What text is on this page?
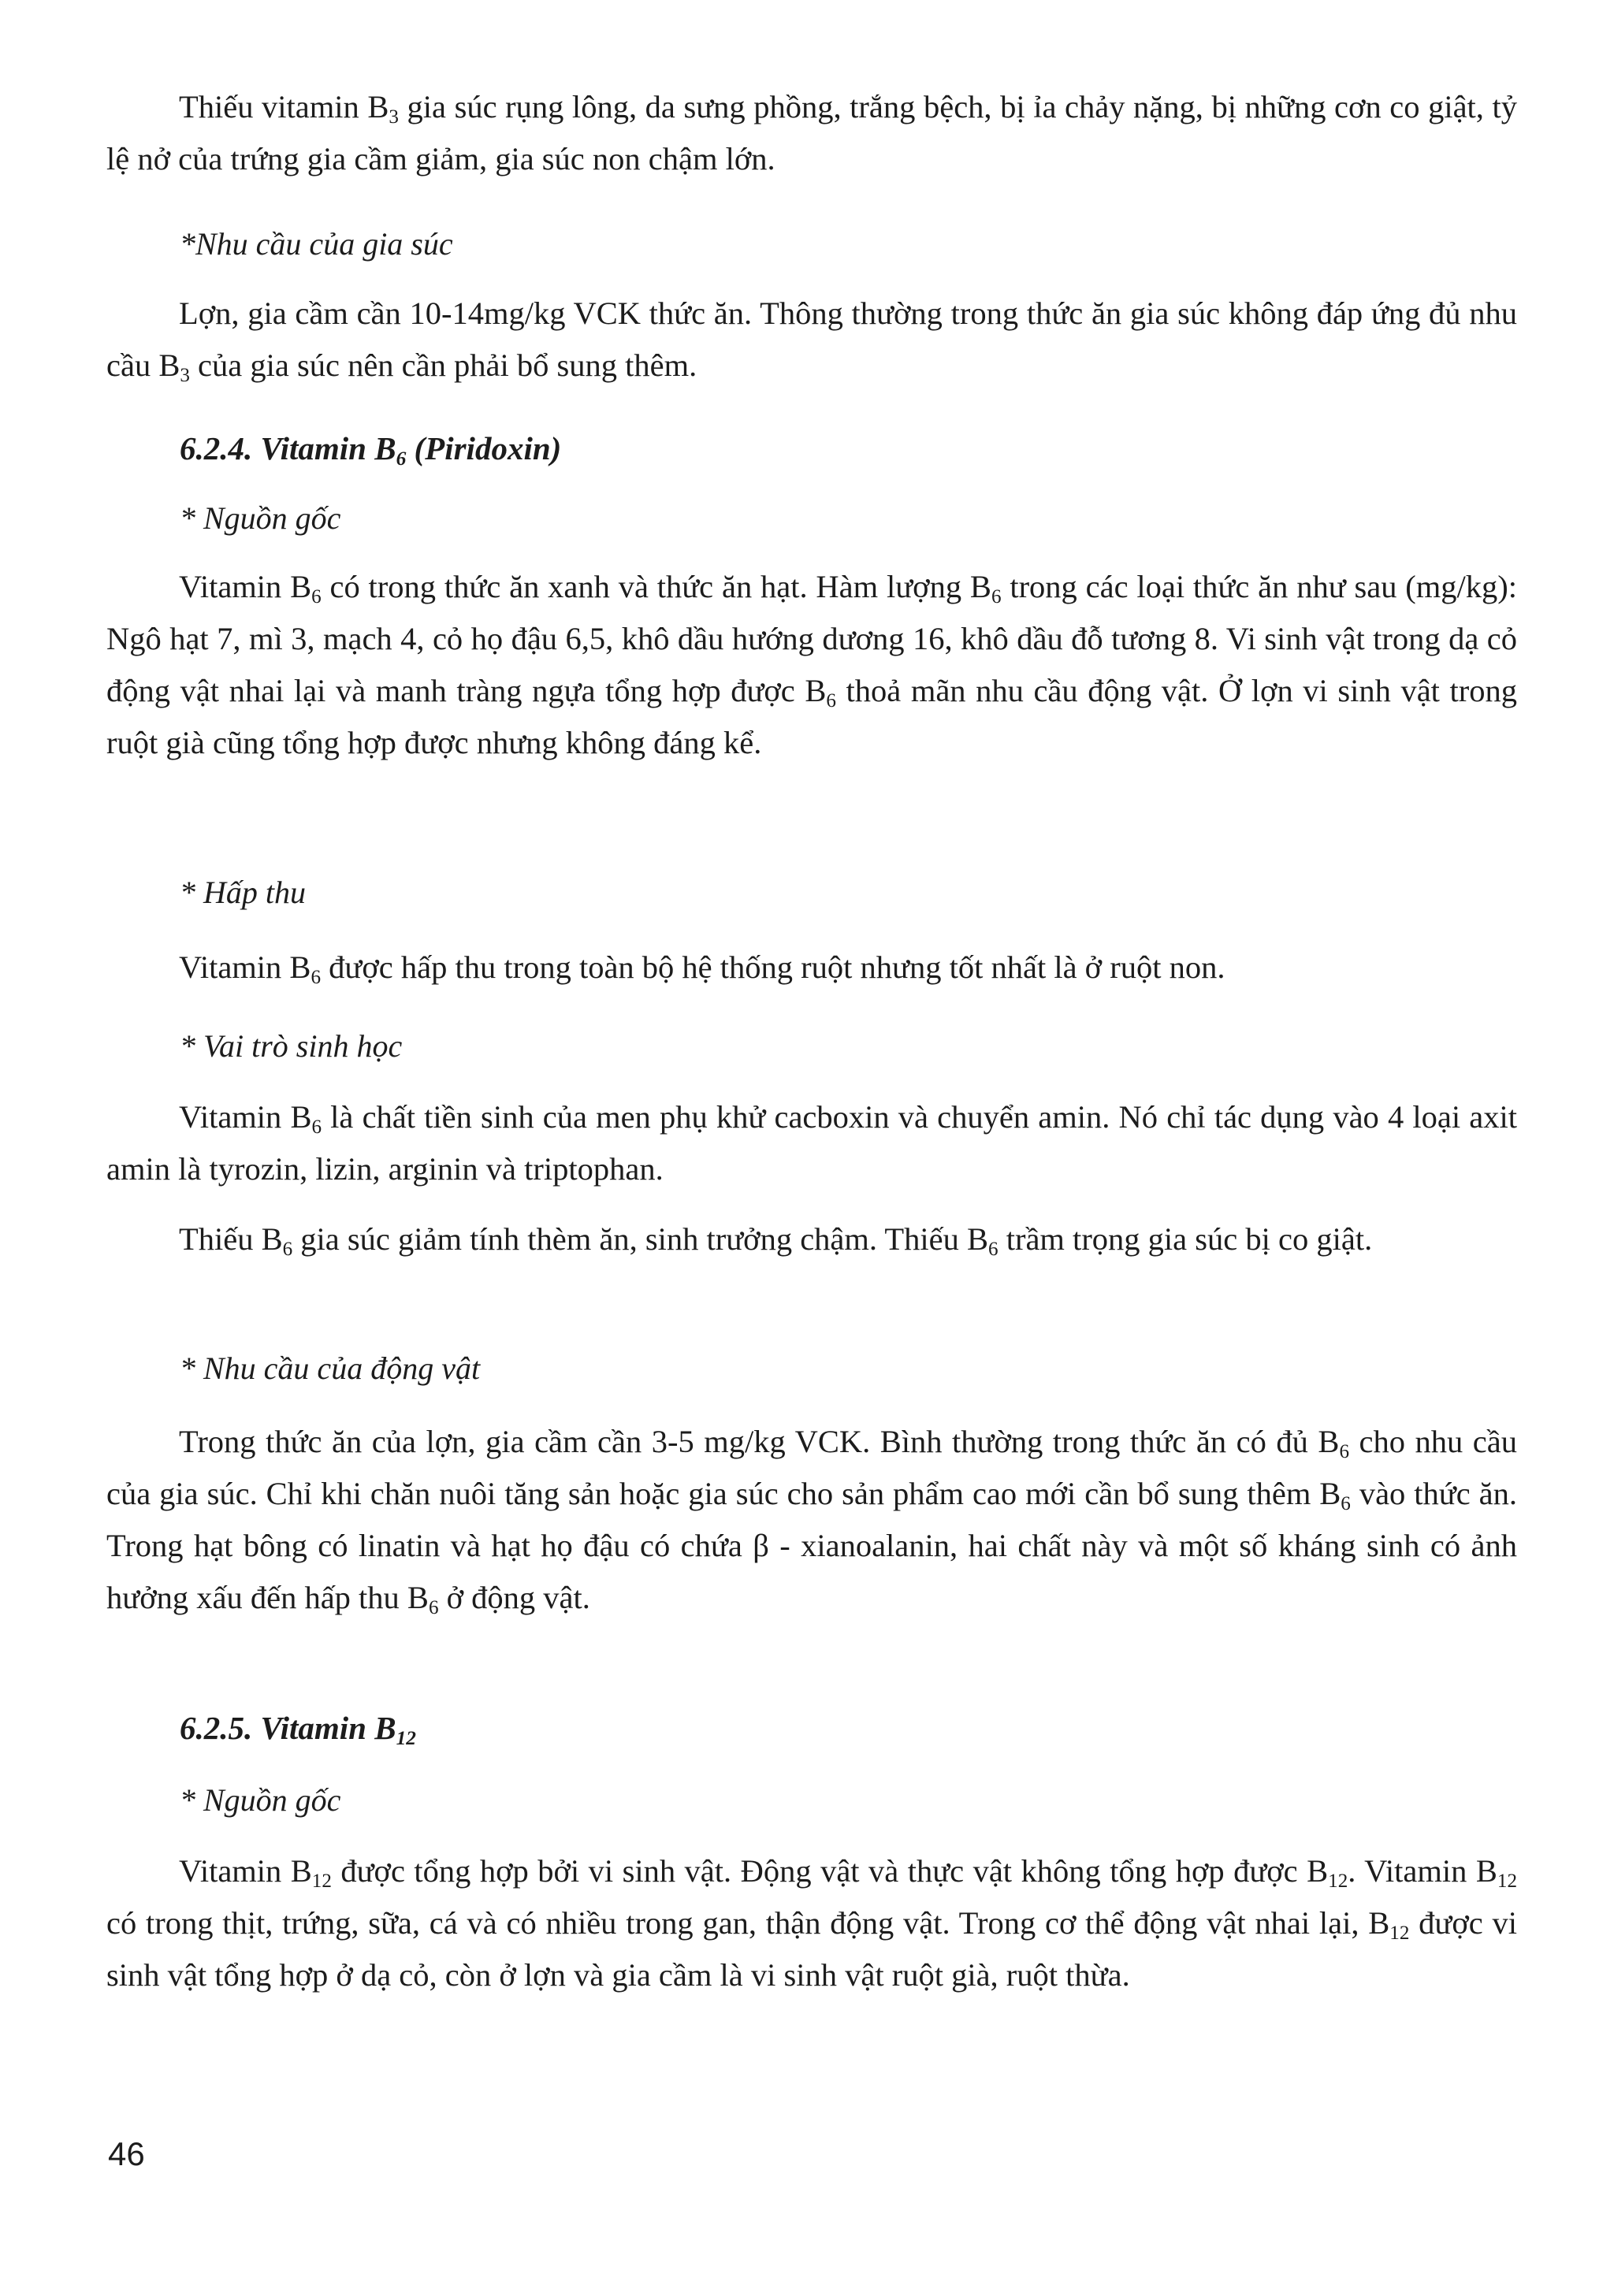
Thiếu vitamin $B_3$ gia súc rụng lông, da sưng phồng, trắng bệch, bị ỉa chảy nặng, bị những cơn co giật, tỷ lệ nở của trứng gia cầm giảm, gia súc non chậm lớn.

*Nhu cầu của gia súc

Lợn, gia cầm cần 10-14mg/kg VCK thức ăn. Thông thường trong thức ăn gia súc không đáp ứng đủ nhu cầu $B_3$ của gia súc nên cần phải bổ sung thêm.

6.2.4. Vitamin $B_6$ (Piridoxin)

* Nguồn gốc

Vitamin $B_6$ có trong thức ăn xanh và thức ăn hạt. Hàm lượng $B_6$ trong các loại thức ăn như sau (mg/kg): Ngô hạt 7, mì 3, mạch 4, cỏ họ đậu 6,5, khô dầu hướng dương 16, khô dầu đỗ tương 8. Vi sinh vật trong dạ cỏ động vật nhai lại và manh tràng ngựa tổng hợp được $B_6$ thoả mãn nhu cầu động vật. Ở lợn vi sinh vật trong ruột già cũng tổng hợp được nhưng không đáng kể.

* Hấp thu

Vitamin $B_6$ được hấp thu trong toàn bộ hệ thống ruột nhưng tốt nhất là ở ruột non.

* Vai trò sinh học

Vitamin $B_6$ là chất tiền sinh của men phụ khử cacboxin và chuyển amin. Nó chỉ tác dụng vào 4 loại axit amin là tyrozin, lizin, arginin và triptophan.

Thiếu $B_6$ gia súc giảm tính thèm ăn, sinh trưởng chậm. Thiếu $B_6$ trầm trọng gia súc bị co giật.

* Nhu cầu của động vật

Trong thức ăn của lợn, gia cầm cần 3-5 mg/kg VCK. Bình thường trong thức ăn có đủ $B_6$ cho nhu cầu của gia súc. Chỉ khi chăn nuôi tăng sản hoặc gia súc cho sản phẩm cao mới cần bổ sung thêm $B_6$ vào thức ăn. Trong hạt bông có linatin và hạt họ đậu có chứa β - xianoalanin, hai chất này và một số kháng sinh có ảnh hưởng xấu đến hấp thu $B_6$ ở động vật.

6.2.5. Vitamin $B_{12}$

* Nguồn gốc

Vitamin $B_{12}$ được tổng hợp bởi vi sinh vật. Động vật và thực vật không tổng hợp được $B_{12}$. Vitamin $B_{12}$ có trong thịt, trứng, sữa, cá và có nhiều trong gan, thận động vật. Trong cơ thể động vật nhai lại, $B_{12}$ được vi sinh vật tổng hợp ở dạ cỏ, còn ở lợn và gia cầm là vi sinh vật ruột già, ruột thừa.

46
